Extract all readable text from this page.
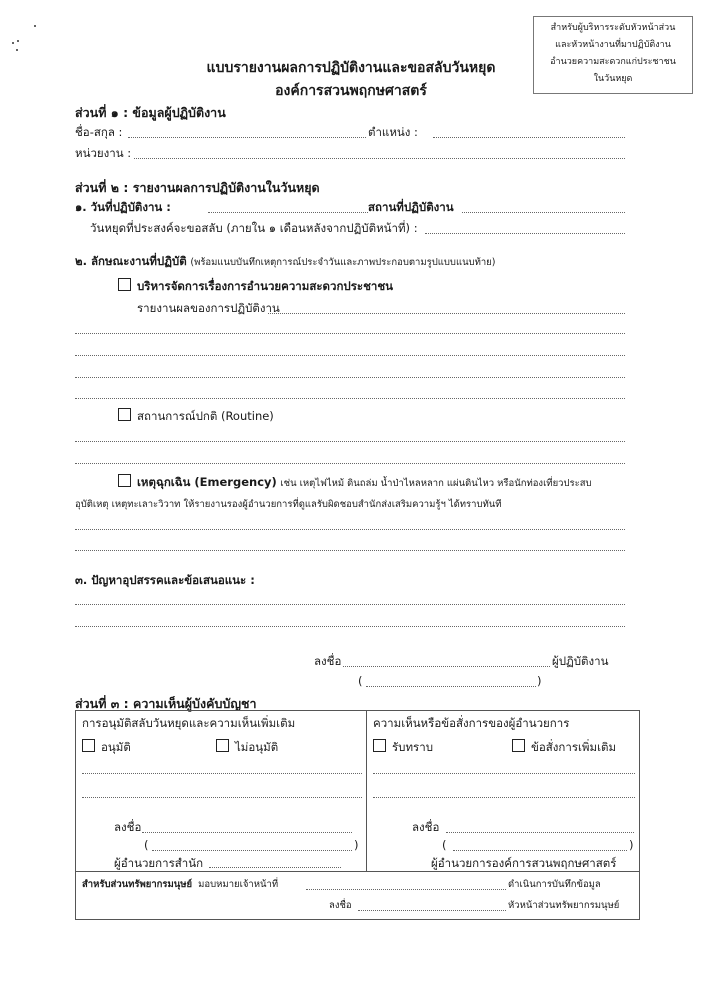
สำหรับผู้บริหารระดับหัวหน้าส่วน
และหัวหน้างานที่มาปฏิบัติงาน
อำนวยความสะดวกแก่ประชาชน
ในวันหยุด
แบบรายงานผลการปฏิบัติงานและขอสลับวันหยุด
องค์การสวนพฤกษศาสตร์
ส่วนที่ ๑ : ข้อมูลผู้ปฏิบัติงาน
ชื่อ-สกุล :	ตำแหน่ง :
หน่วยงาน :
ส่วนที่ ๒ : รายงานผลการปฏิบัติงานในวันหยุด
๑. วันที่ปฏิบัติงาน :	สถานที่ปฏิบัติงาน
วันหยุดที่ประสงค์จะขอสลับ (ภายใน ๑ เดือนหลังจากปฏิบัติหน้าที่) :
๒. ลักษณะงานที่ปฏิบัติ (พร้อมแนบบันทึกเหตุการณ์ประจำวันและภาพประกอบตามรูปแบบแนบท้าย)
บริหารจัดการเรื่องการอำนวยความสะดวกประชาชน
รายงานผลของการปฏิบัติงาน
สถานการณ์ปกติ (Routine)
เหตุฉุกเฉิน (Emergency) เช่น เหตุไฟไหม้ ดินถล่ม น้ำป่าไหลหลาก แผ่นดินไหว หรือนักท่องเที่ยวประสบ
อุบัติเหตุ เหตุทะเลาะวิวาท ให้รายงานรองผู้อำนวยการที่ดูแลรับผิดชอบสำนักส่งเสริมความรู้ฯ ได้ทราบทันที
๓. ปัญหาอุปสรรคและข้อเสนอแนะ :
ลงชื่อ	ผู้ปฏิบัติงาน
(	)
ส่วนที่ ๓ : ความเห็นผู้บังคับบัญชา
การอนุมัติสลับวันหยุดและความเห็นเพิ่มเติม
อนุมัติ	ไม่อนุมัติ
ลงชื่อ
(	)
ผู้อำนวยการสำนัก
ความเห็นหรือข้อสั่งการของผู้อำนวยการ
รับทราบ	ข้อสั่งการเพิ่มเติม
ลงชื่อ
(	)
ผู้อำนวยการองค์การสวนพฤกษศาสตร์
สำหรับส่วนทรัพยากรมนุษย์ มอบหมายเจ้าหน้าที่	ดำเนินการบันทึกข้อมูล
ลงชื่อ	หัวหน้าส่วนทรัพยากรมนุษย์
